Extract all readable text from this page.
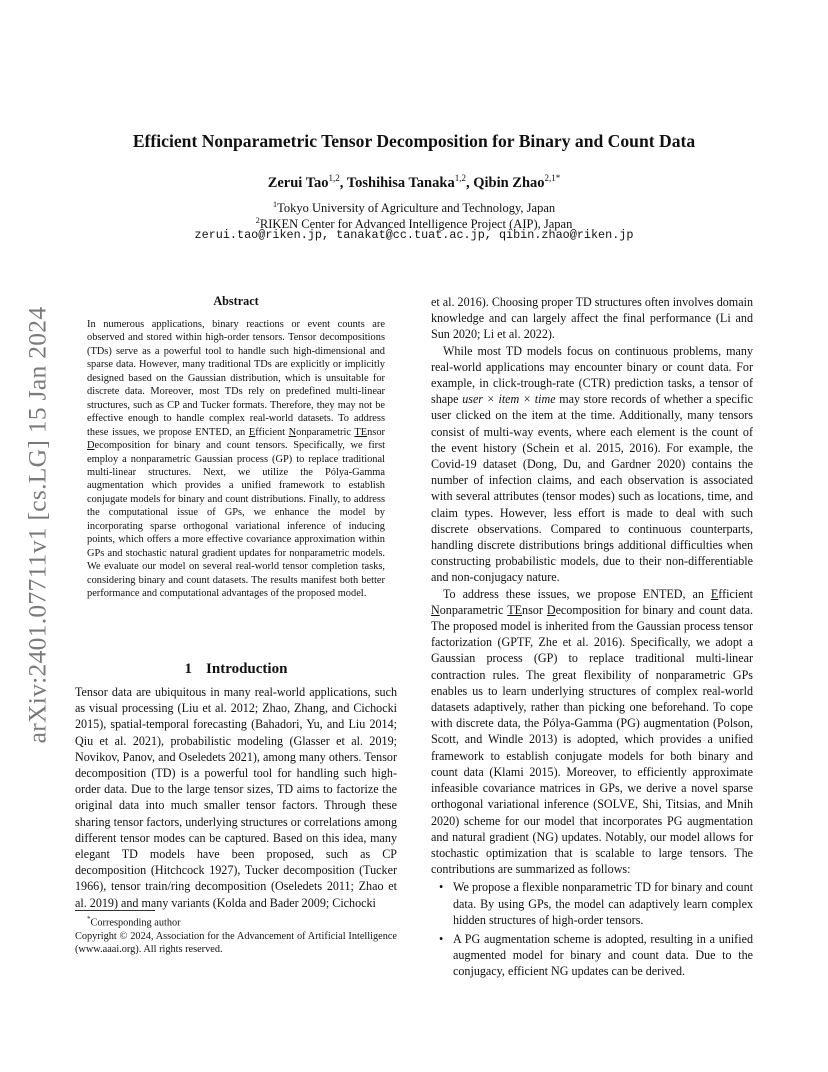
arXiv:2401.07711v1 [cs.LG] 15 Jan 2024
Efficient Nonparametric Tensor Decomposition for Binary and Count Data
Zerui Tao$^{1,2}$, Toshihisa Tanaka$^{1,2}$, Qibin Zhao$^{2,1*}$
$^1$Tokyo University of Agriculture and Technology, Japan
$^2$RIKEN Center for Advanced Intelligence Project (AIP), Japan
zerui.tao@riken.jp, tanakat@cc.tuat.ac.jp, qibin.zhao@riken.jp
Abstract
In numerous applications, binary reactions or event counts are observed and stored within high-order tensors. Tensor decompositions (TDs) serve as a powerful tool to handle such high-dimensional and sparse data. However, many traditional TDs are explicitly or implicitly designed based on the Gaussian distribution, which is unsuitable for discrete data. Moreover, most TDs rely on predefined multi-linear structures, such as CP and Tucker formats. Therefore, they may not be effective enough to handle complex real-world datasets. To address these issues, we propose ENTED, an Efficient Nonparametric TEnsor Decomposition for binary and count tensors. Specifically, we first employ a nonparametric Gaussian process (GP) to replace traditional multi-linear structures. Next, we utilize the Pólya-Gamma augmentation which provides a unified framework to establish conjugate models for binary and count distributions. Finally, to address the computational issue of GPs, we enhance the model by incorporating sparse orthogonal variational inference of inducing points, which offers a more effective covariance approximation within GPs and stochastic natural gradient updates for nonparametric models. We evaluate our model on several real-world tensor completion tasks, considering binary and count datasets. The results manifest both better performance and computational advantages of the proposed model.
1 Introduction

Tensor data are ubiquitous in many real-world applications, such as visual processing (Liu et al. 2012; Zhao, Zhang, and Cichocki 2015), spatial-temporal forecasting (Bahadori, Yu, and Liu 2014; Qiu et al. 2021), probabilistic modeling (Glasser et al. 2019; Novikov, Panov, and Oseledets 2021), among many others. Tensor decomposition (TD) is a powerful tool for handling such high-order data. Due to the large tensor sizes, TD aims to factorize the original data into much smaller tensor factors. Through these sharing tensor factors, underlying structures or correlations among different tensor modes can be captured. Based on this idea, many elegant TD models have been proposed, such as CP decomposition (Hitchcock 1927), Tucker decomposition (Tucker 1966), tensor train/ring decomposition (Oseledets 2011; Zhao et al. 2019) and many variants (Kolda and Bader 2009; Cichocki

*Corresponding author
Copyright © 2024, Association for the Advancement of Artificial Intelligence (www.aaai.org). All rights reserved.

et al. 2016). Choosing proper TD structures often involves domain knowledge and can largely affect the final performance (Li and Sun 2020; Li et al. 2022).

While most TD models focus on continuous problems, many real-world applications may encounter binary or count data. For example, in click-trough-rate (CTR) prediction tasks, a tensor of shape user × item × time may store records of whether a specific user clicked on the item at the time. Additionally, many tensors consist of multi-way events, where each element is the count of the event history (Schein et al. 2015, 2016). For example, the Covid-19 dataset (Dong, Du, and Gardner 2020) contains the number of infection claims, and each observation is associated with several attributes (tensor modes) such as locations, time, and claim types. However, less effort is made to deal with such discrete observations. Compared to continuous counterparts, handling discrete distributions brings additional difficulties when constructing probabilistic models, due to their non-differentiable and non-conjugacy nature.

To address these issues, we propose ENTED, an Efficient Nonparametric TEnsor Decomposition for binary and count data. The proposed model is inherited from the Gaussian process tensor factorization (GPTF, Zhe et al. 2016). Specifically, we adopt a Gaussian process (GP) to replace traditional multi-linear contraction rules. The great flexibility of nonparametric GPs enables us to learn underlying structures of complex real-world datasets adaptively, rather than picking one beforehand. To cope with discrete data, the Pólya-Gamma (PG) augmentation (Polson, Scott, and Windle 2013) is adopted, which provides a unified framework to establish conjugate models for both binary and count data (Klami 2015). Moreover, to efficiently approximate infeasible covariance matrices in GPs, we derive a novel sparse orthogonal variational inference (SOLVE, Shi, Titsias, and Mnih 2020) scheme for our model that incorporates PG augmentation and natural gradient (NG) updates. Notably, our model allows for stochastic optimization that is scalable to large tensors. The contributions are summarized as follows:

• We propose a flexible nonparametric TD for binary and count data. By using GPs, the model can adaptively learn complex hidden structures of high-order tensors.
• A PG augmentation scheme is adopted, resulting in a unified augmented model for binary and count data. Due to the conjugacy, efficient NG updates can be derived.
